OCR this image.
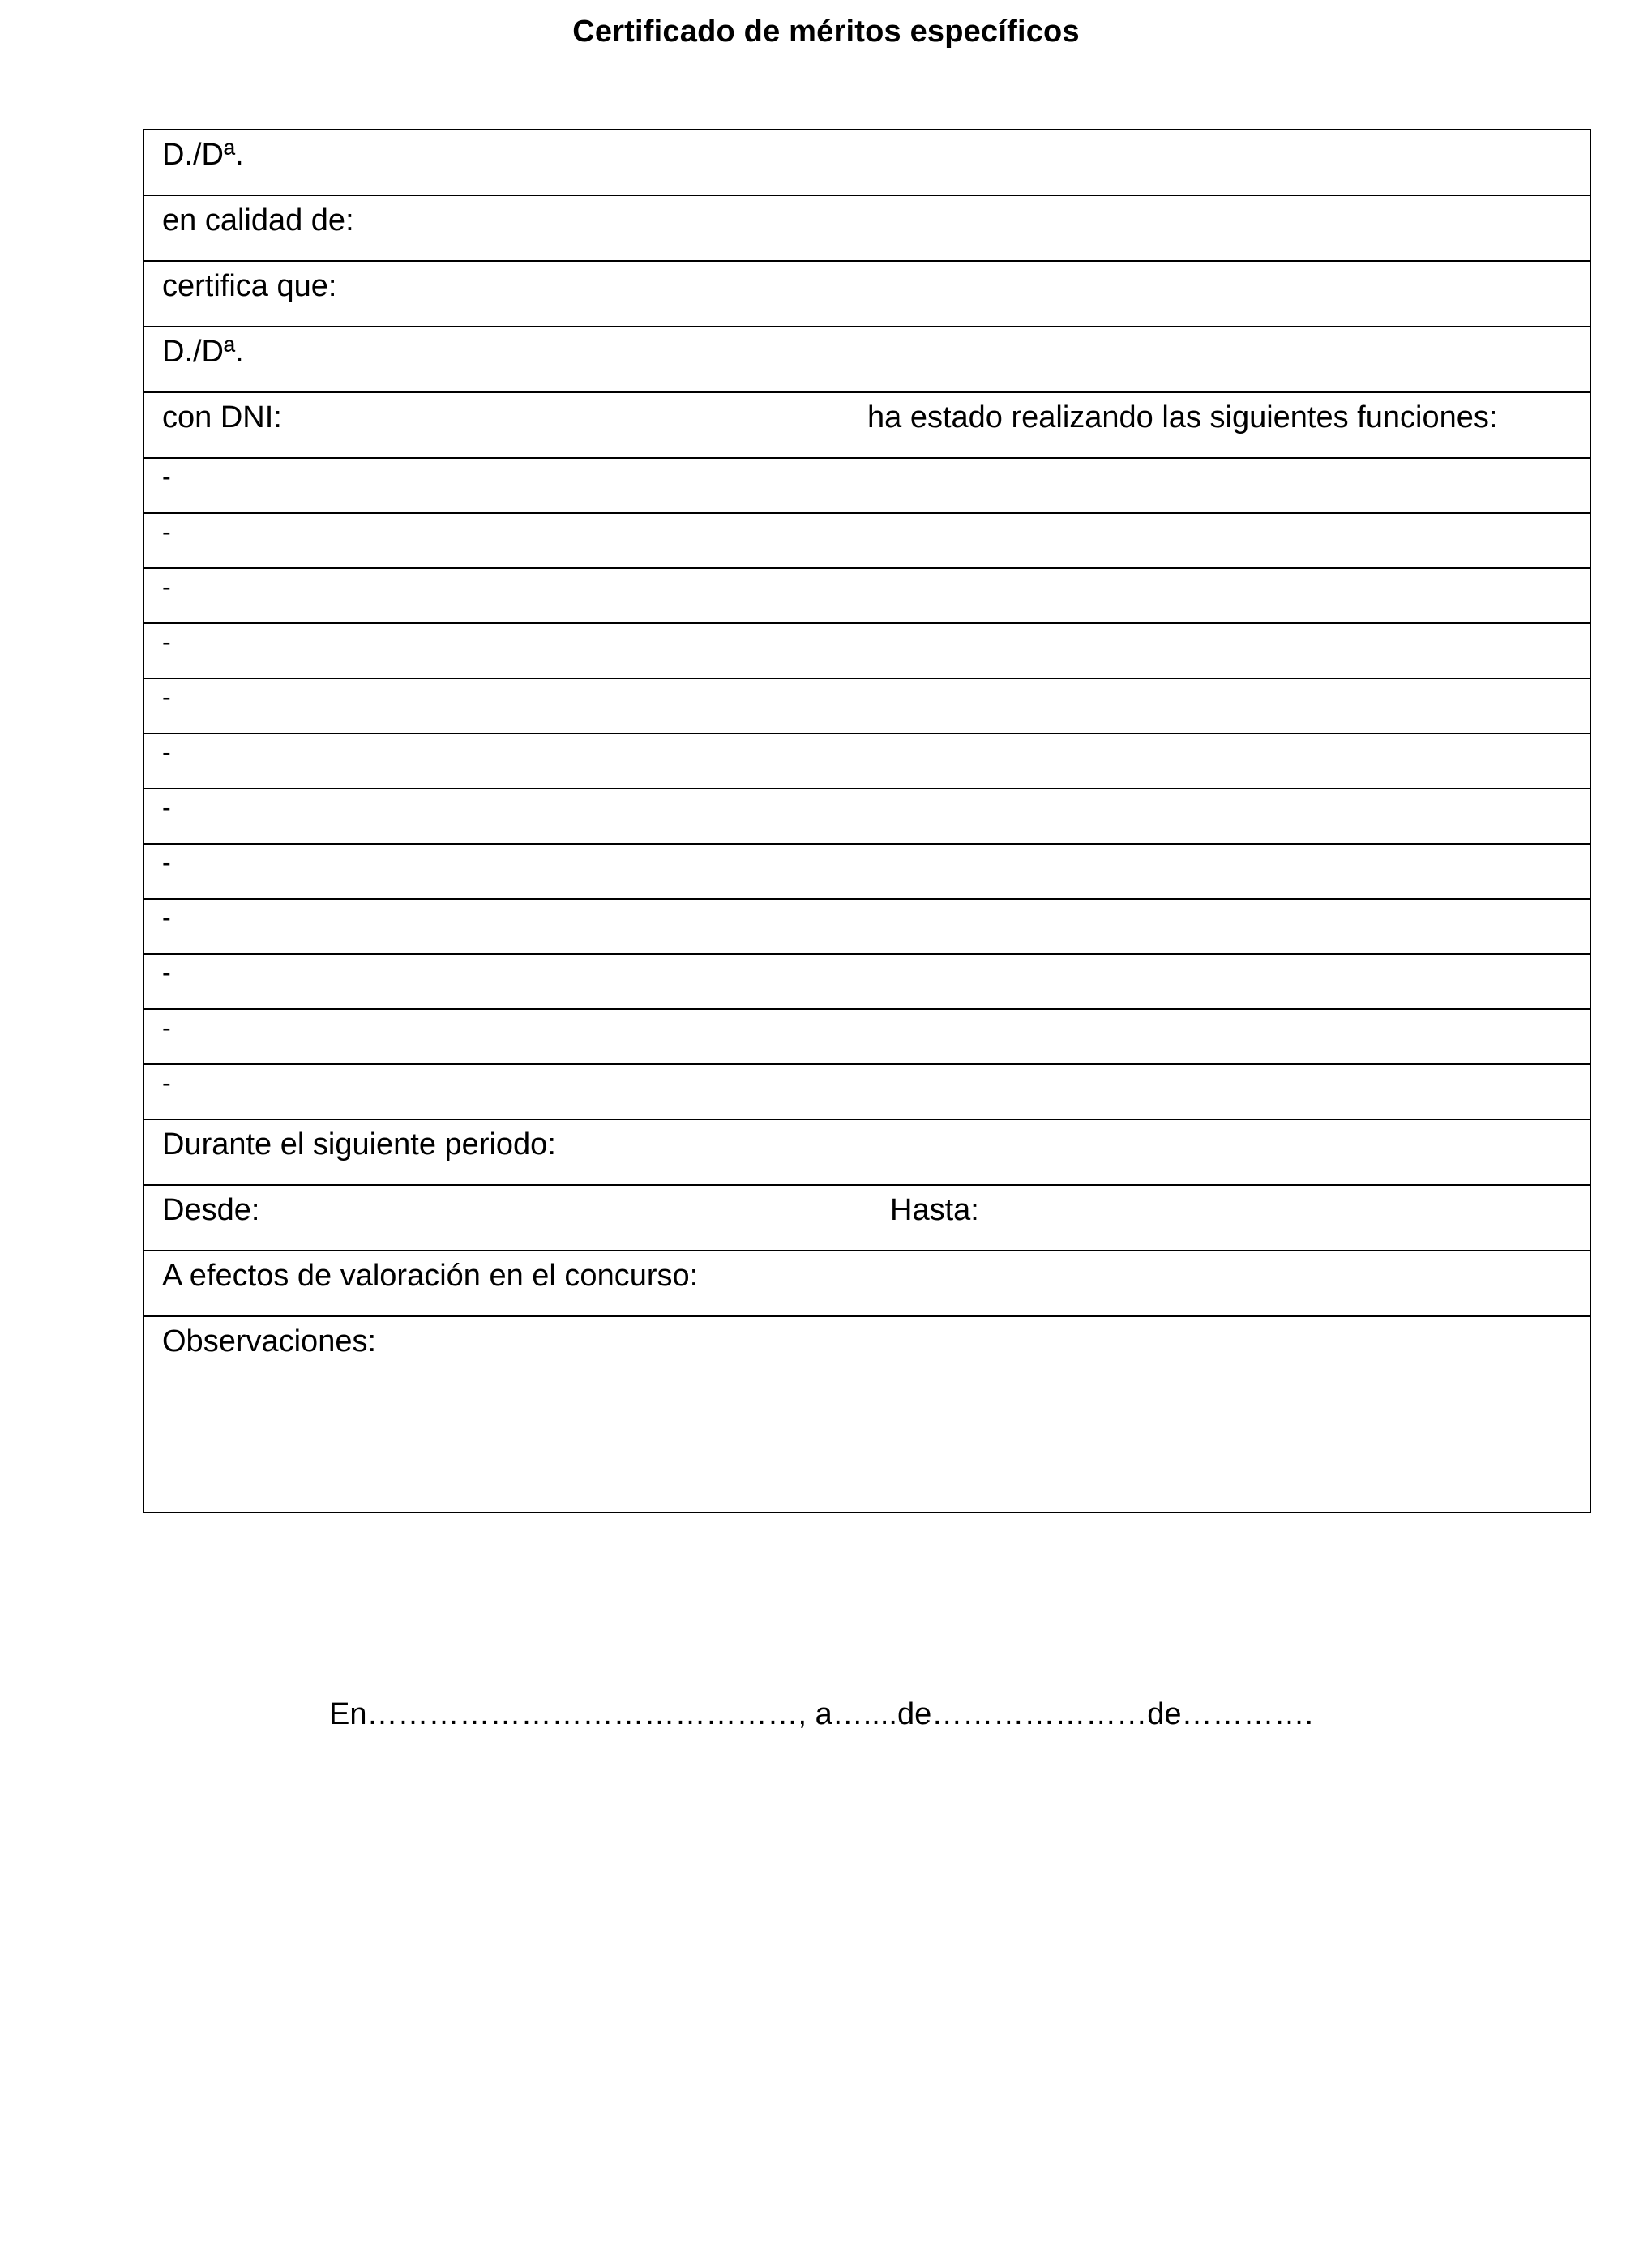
Certificado de méritos específicos
D./Dª.
en calidad de:
certifica que:
D./Dª.
con DNI:	ha estado realizando las siguientes funciones:
-
-
-
-
-
-
-
-
-
-
-
-
Durante el siguiente periodo:
Desde:	Hasta:
A efectos de valoración en el concurso:
Observaciones:
En……………………………………, a…....de…………………de………….
